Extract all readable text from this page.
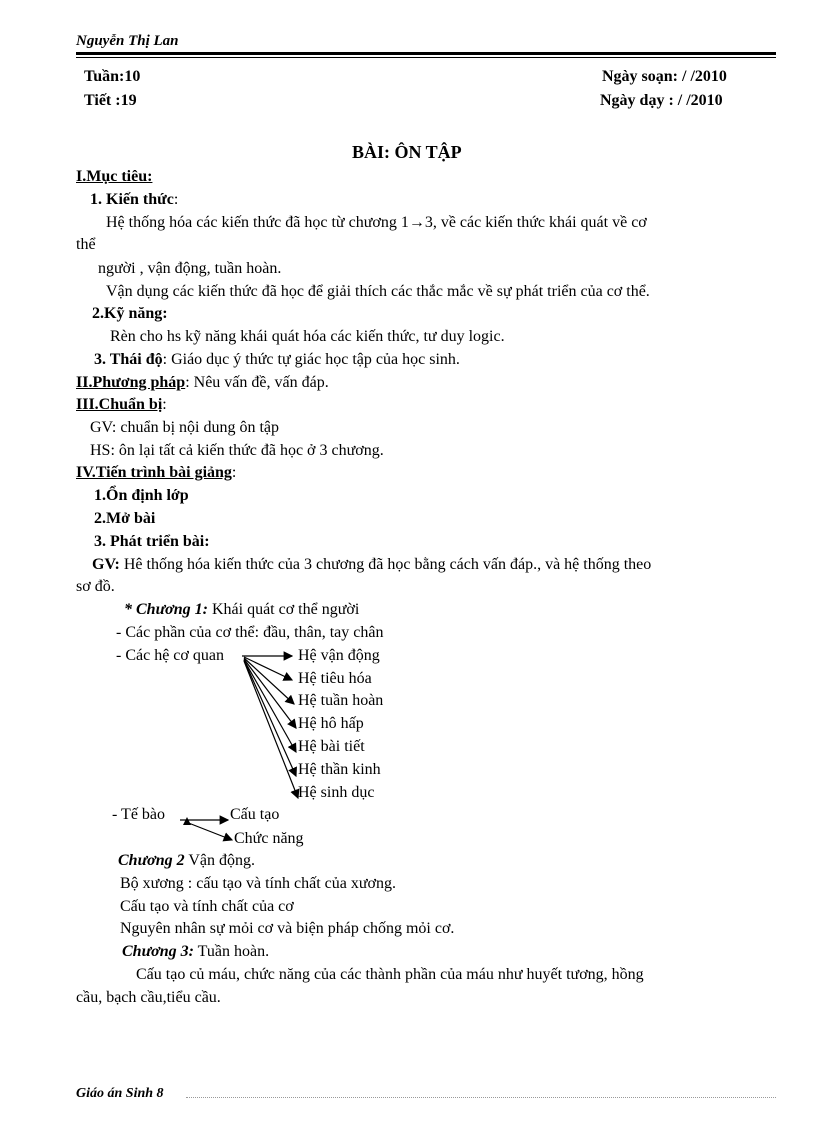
Nguyễn Thị Lan
Tuần:10
Tiết :19
Ngày soạn: / /2010
Ngày dạy : / /2010
BÀI: ÔN TẬP
I.Mục tiêu:
1. Kiến thức:
Hệ thống hóa các kiến thức đã học từ chương 1→3, về các kiến thức khái quát về cơ
thể
người , vận động, tuần hoàn.
Vận dụng các kiến thức đã học để giải thích các thắc mắc về sự phát triển của cơ thể.
2.Kỹ năng:
Rèn cho hs kỹ năng khái quát hóa các kiến thức, tư duy logic.
3. Thái độ: Giáo dục ý thức tự giác học tập của học sinh.
II.Phương pháp: Nêu vấn đề, vấn đáp.
III.Chuẩn bị:
GV: chuẩn bị nội dung ôn tập
HS: ôn lại tất cả kiến thức đã học ở 3 chương.
IV.Tiến trình bài giảng:
1.Ổn định lớp
2.Mở bài
3. Phát triển bài:
GV: Hê thống hóa kiến thức của 3 chương đã học bằng cách vấn đáp., và hệ thống theo
sơ đồ.
* Chương 1: Khái quát cơ thể người
- Các phần của cơ thể: đầu, thân, tay chân
- Các hệ cơ quan	Hệ vận động
Hệ tiêu hóa
Hệ tuần hoàn
Hệ hô hấp
Hệ bài tiết
Hệ thần kinh
Hệ sinh dục
- Tế bào	Cấu tạo
Chức năng
Chương 2 Vận động.
Bộ xương : cấu tạo và tính chất của xương.
Cấu tạo và tính chất của cơ
Nguyên nhân sự mỏi cơ và biện pháp chống mỏi cơ.
Chương 3: Tuần hoàn.
Cấu tạo củ máu, chức năng của các thành phần của máu như huyết tương, hồng
cầu, bạch cầu,tiểu cầu.
Giáo án Sinh 8
